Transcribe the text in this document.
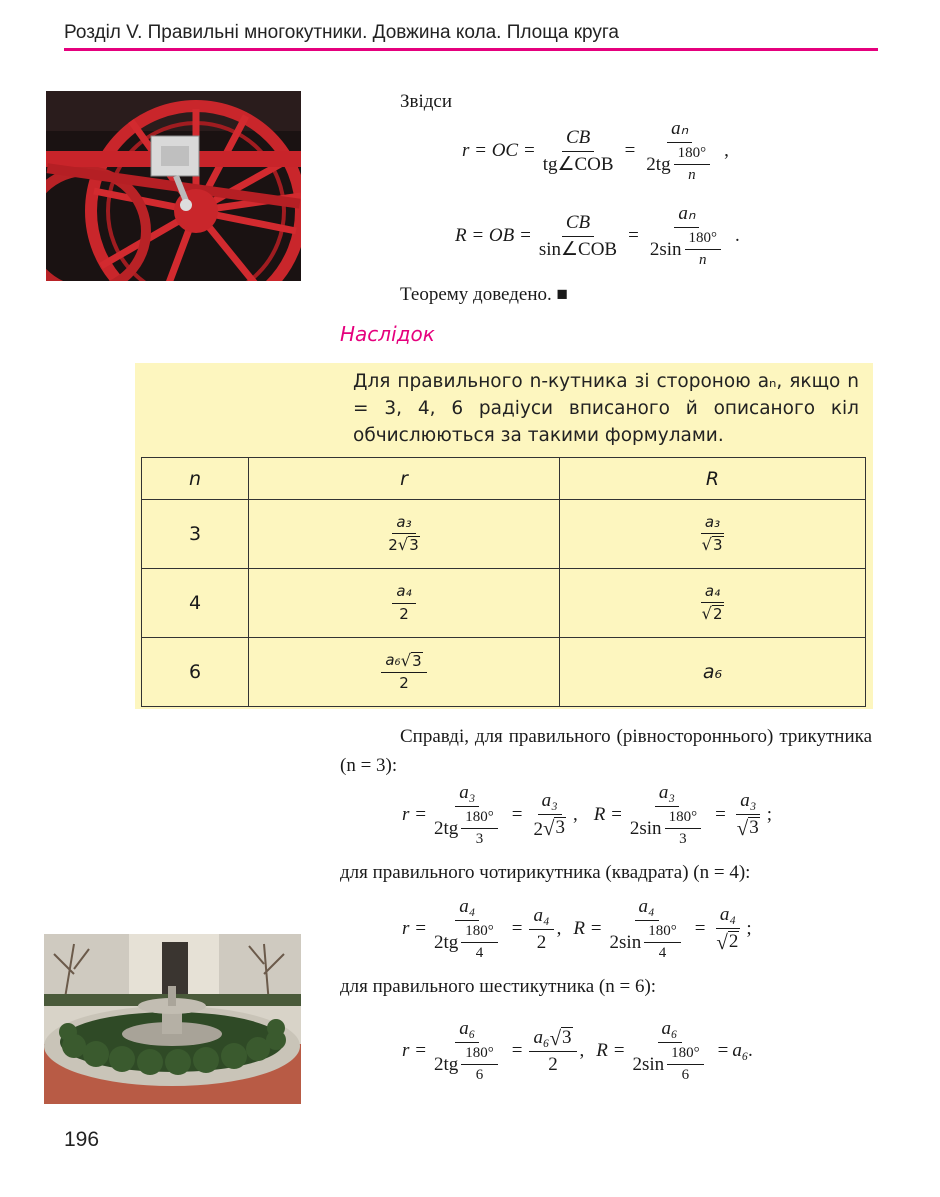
Розділ V. Правильні многокутники. Довжина кола. Площа круга
Звідси
r = OC = $\frac{CB}{\text{tg∠COB}} = \frac{\text{aₙ}}{2tg \frac{180^\circ}{n}}$ ,
R = OB = $\frac{CB}{\text{sin∠COB}} = \frac{\text{aₙ}}{2\sin \frac{180^\circ}{n}}$ .
Теорему доведено. ■
Наслідок
Для правильного n-кутника зі стороною aₙ, якщо n = 3, 4, 6 радіуси вписаного й описаного кіл обчислюються за такими формулами.
n	r	R
3	$\frac{\text{a₃}}{2 √ 3}$	$\frac{\text{a₃}}{√ 3}$

4	$\frac{\text{a₄}}{2}$	$\frac{\text{a₄}}{√ 2}$

6	$\frac{\text{a₆ √ 3}}{2}$	a₆
Справді, для правильного (рівностороннього) трикутника (n = 3):
$r = \frac{\text{a₃}}{2tg \frac{180^\circ}{3}} = \frac{\text{a₃}}{2 √ 3}$ , $R = \frac{\text{a₃}}{2\sin \frac{180^\circ}{3}} = \frac{\text{a₃}}{√ 3}$ ;
для правильного чотирикутника (квадрата) (n = 4):
$r = \frac{\text{a₄}}{2tg \frac{180^\circ}{4}} = \frac{\text{a₄}}{2}$ , $R = \frac{\text{a₄}}{2\sin \frac{180^\circ}{4}} = \frac{\text{a₄}}{√ 2}$ ;
для правильного шестикутника (n = 6):
$r = \frac{\text{a₆}}{2tg \frac{180^\circ}{6}} = \frac{\text{a₆ √ 3}}{2}$ , $R = \frac{\text{a₆}}{2\sin \frac{180^\circ}{6}} = a_6$.
196
